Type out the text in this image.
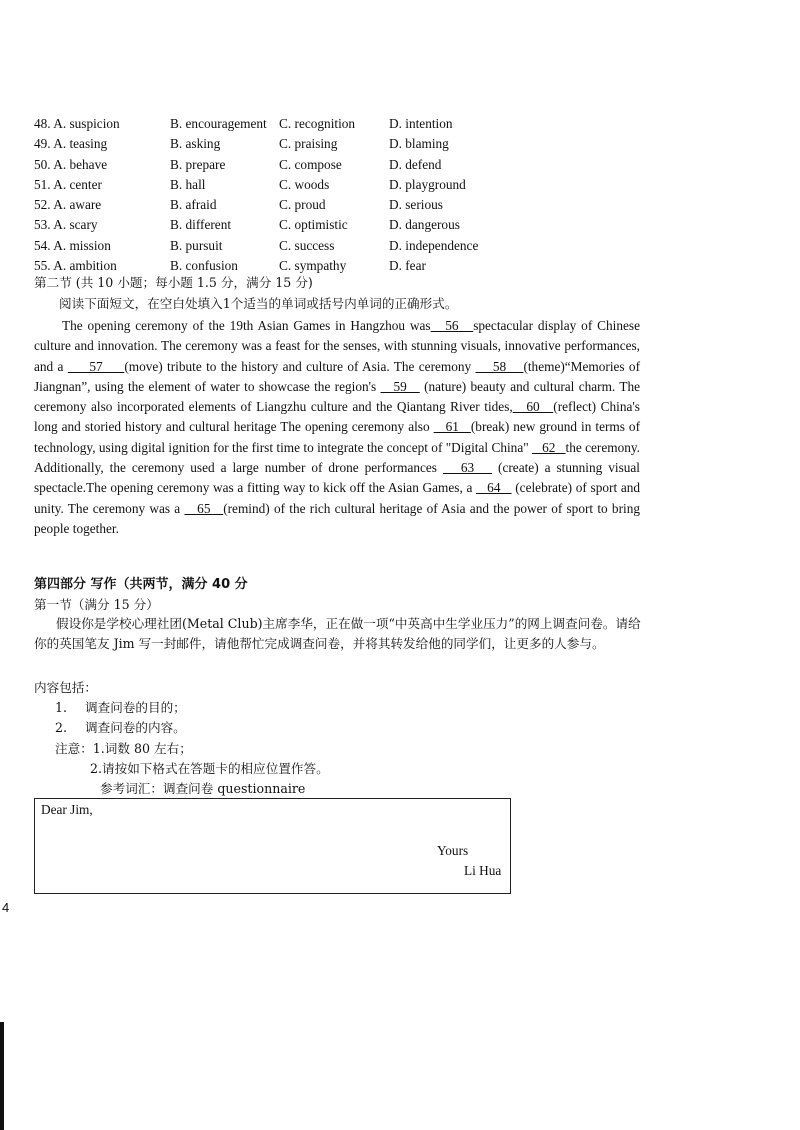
48. A. suspicion	B. encouragement C. recognition	D. intention
49. A. teasing	B. asking	C. praising	D. blaming
50. A. behave	B. prepare	C. compose	D. defend
51. A. center	B. hall	C. woods	D. playground
52. A. aware	B. afraid	C. proud	D. serious
53. A. scary	B. different	C. optimistic	D. dangerous
54. A. mission	B. pursuit	C. success	D. independence
55. A. ambition	B. confusion	C. sympathy	D. fear
第二节 (共 10 小题；每小题 1.5 分，满分 15 分)
阅读下面短文，在空白处填入1个适当的单词或括号内单词的正确形式。

The opening ceremony of the 19th Asian Games in Hangzhou was   56   spectacular display of Chinese culture and innovation. The ceremony was a feast for the senses, with stunning visuals, innovative performances, and a      57     (move) tribute to the history and culture of Asia. The ceremony     58    (theme)“Memories of Jiangnan”, using the element of water to showcase the region's    59    (nature) beauty and cultural charm. The ceremony also incorporated elements of Liangzhu culture and the Qiantang River tides,   60   (reflect) China's long and storied history and cultural heritage The opening ceremony also    61   (break) new ground in terms of technology, using digital ignition for the first time to integrate the concept of "Digital China"    62   the ceremony. Additionally, the ceremony used a large number of drone performances    63    (create) a stunning visual spectacle.The opening ceremony was a fitting way to kick off the Asian Games, a    64    (celebrate) of sport and unity. The ceremony was a    65   (remind) of the rich cultural heritage of Asia and the power of sport to bring people together.

第四部分 写作（共两节，满分 40 分
第一节（满分 15 分）

假设你是学校心理社团(Metal Club)主席李华，正在做一项“中英高中生学业压力”的网上调查问卷。请给你的英国笔友 Jim 写一封邮件，请他帮忙完成调查问卷，并将其转发给他的同学们，让更多的人参与。

内容包括：
1. 调查问卷的目的；
2. 调查问卷的内容。
注意：1.词数 80 左右；
2.请按如下格式在答题卡的相应位置作答。
参考词汇：调查问卷 questionnaire
Dear Jim,
Yours
Li Hua
4
